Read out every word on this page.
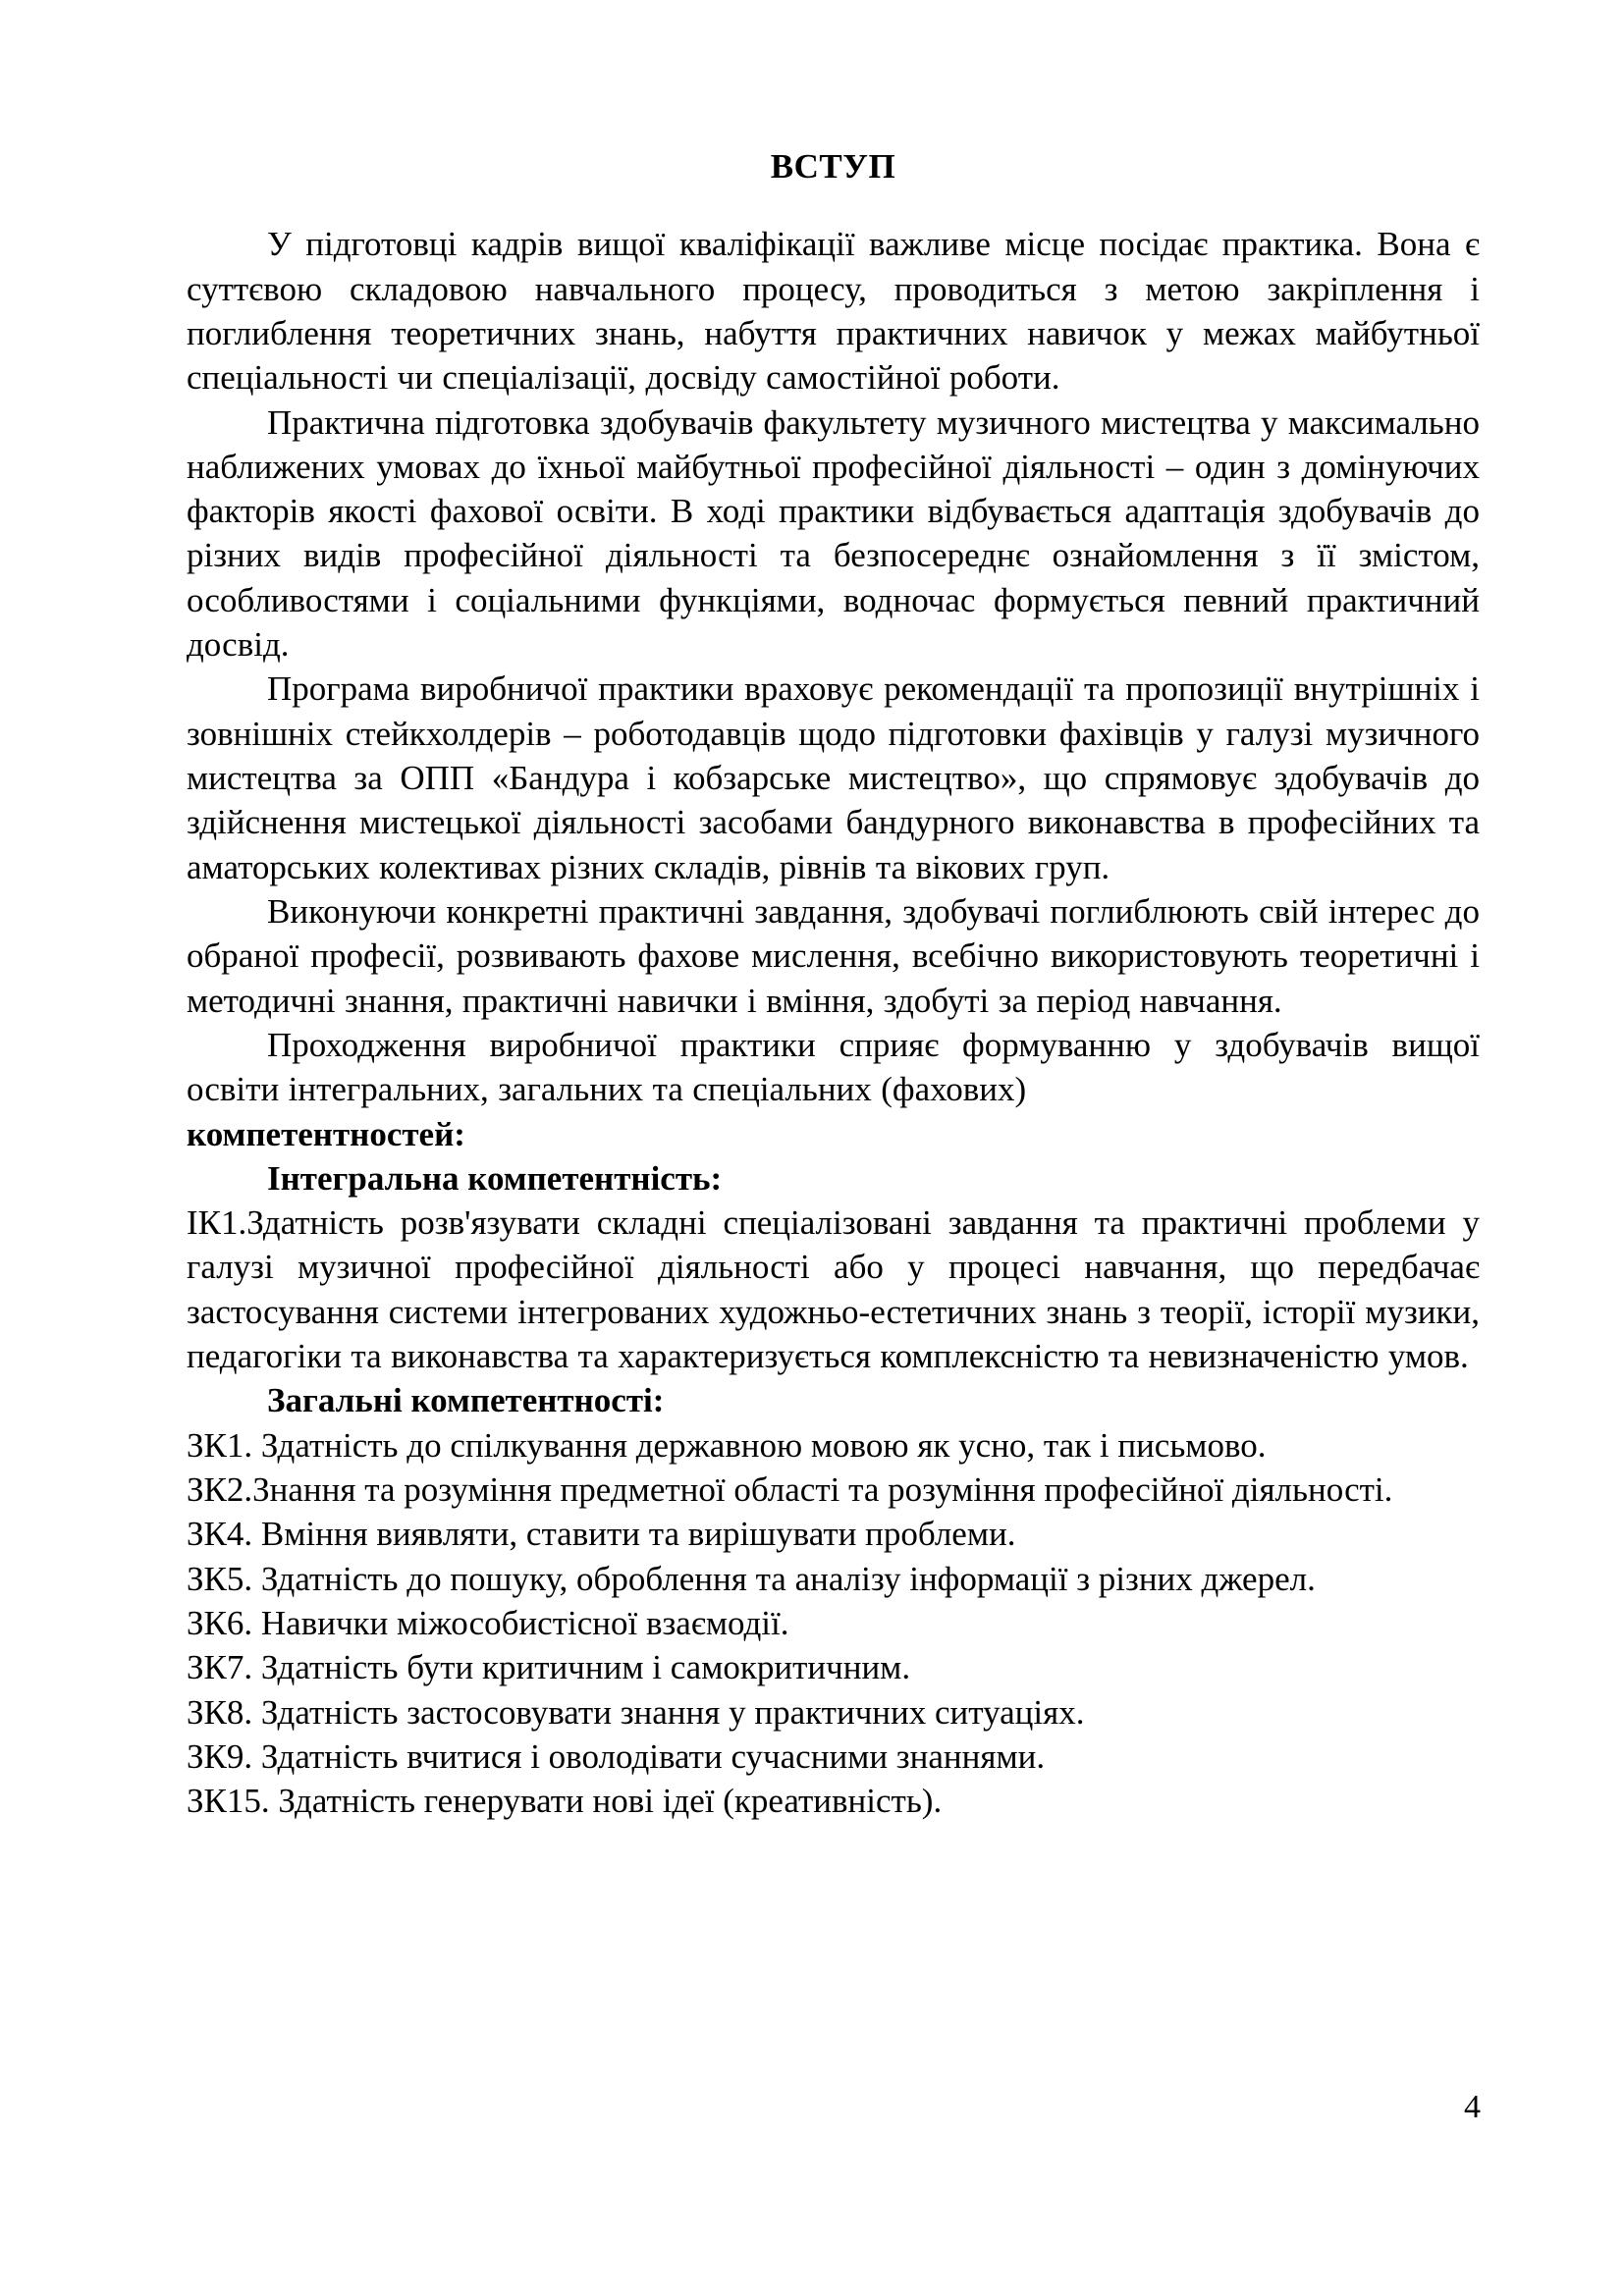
ВСТУП

У підготовці кадрів вищої кваліфікації важливе місце посідає практика. Вона є суттєвою складовою навчального процесу, проводиться з метою закріплення і поглиблення теоретичних знань, набуття практичних навичок у межах майбутньої спеціальності чи спеціалізації, досвіду самостійної роботи.

Практична підготовка здобувачів факультету музичного мистецтва у максимально наближених умовах до їхньої майбутньої професійної діяльності – один з домінуючих факторів якості фахової освіти. В ході практики відбувається адаптація здобувачів до різних видів професійної діяльності та безпосереднє ознайомлення з її змістом, особливостями і соціальними функціями, водночас формується певний практичний досвід.

Програма виробничої практики враховує рекомендації та пропозиції внутрішніх і зовнішніх стейкхолдерів – роботодавців щодо підготовки фахівців у галузі музичного мистецтва за ОПП «Бандура і кобзарське мистецтво», що спрямовує здобувачів до здійснення мистецької діяльності засобами бандурного виконавства в професійних та аматорських колективах різних складів, рівнів та вікових груп.

Виконуючи конкретні практичні завдання, здобувачі поглиблюють свій інтерес до обраної професії, розвивають фахове мислення, всебічно використовують теоретичні і методичні знання, практичні навички і вміння, здобуті за період навчання.

Проходження виробничої практики сприяє формуванню у здобувачів вищої освіти інтегральних, загальних та спеціальних (фахових)

компетентностей:

Інтегральна компетентність:

ІК1.Здатність розв'язувати складні спеціалізовані завдання та практичні проблеми у галузі музичної професійної діяльності або у процесі навчання, що передбачає застосування системи інтегрованих художньо-естетичних знань з теорії, історії музики, педагогіки та виконавства та характеризується комплексністю та невизначеністю умов.

Загальні компетентності:

ЗК1. Здатність до спілкування державною мовою як усно, так і письмово.

ЗК2.Знання та розуміння предметної області та розуміння професійної діяльності.

ЗК4. Вміння виявляти, ставити та вирішувати проблеми.

ЗК5. Здатність до пошуку, оброблення та аналізу інформації з різних джерел.

ЗК6. Навички міжособистісної взаємодії.

ЗК7. Здатність бути критичним і самокритичним.

ЗК8. Здатність застосовувати знання у практичних ситуаціях.

ЗК9. Здатність вчитися і оволодівати сучасними знаннями.

ЗК15. Здатність генерувати нові ідеї (креативність).

4
